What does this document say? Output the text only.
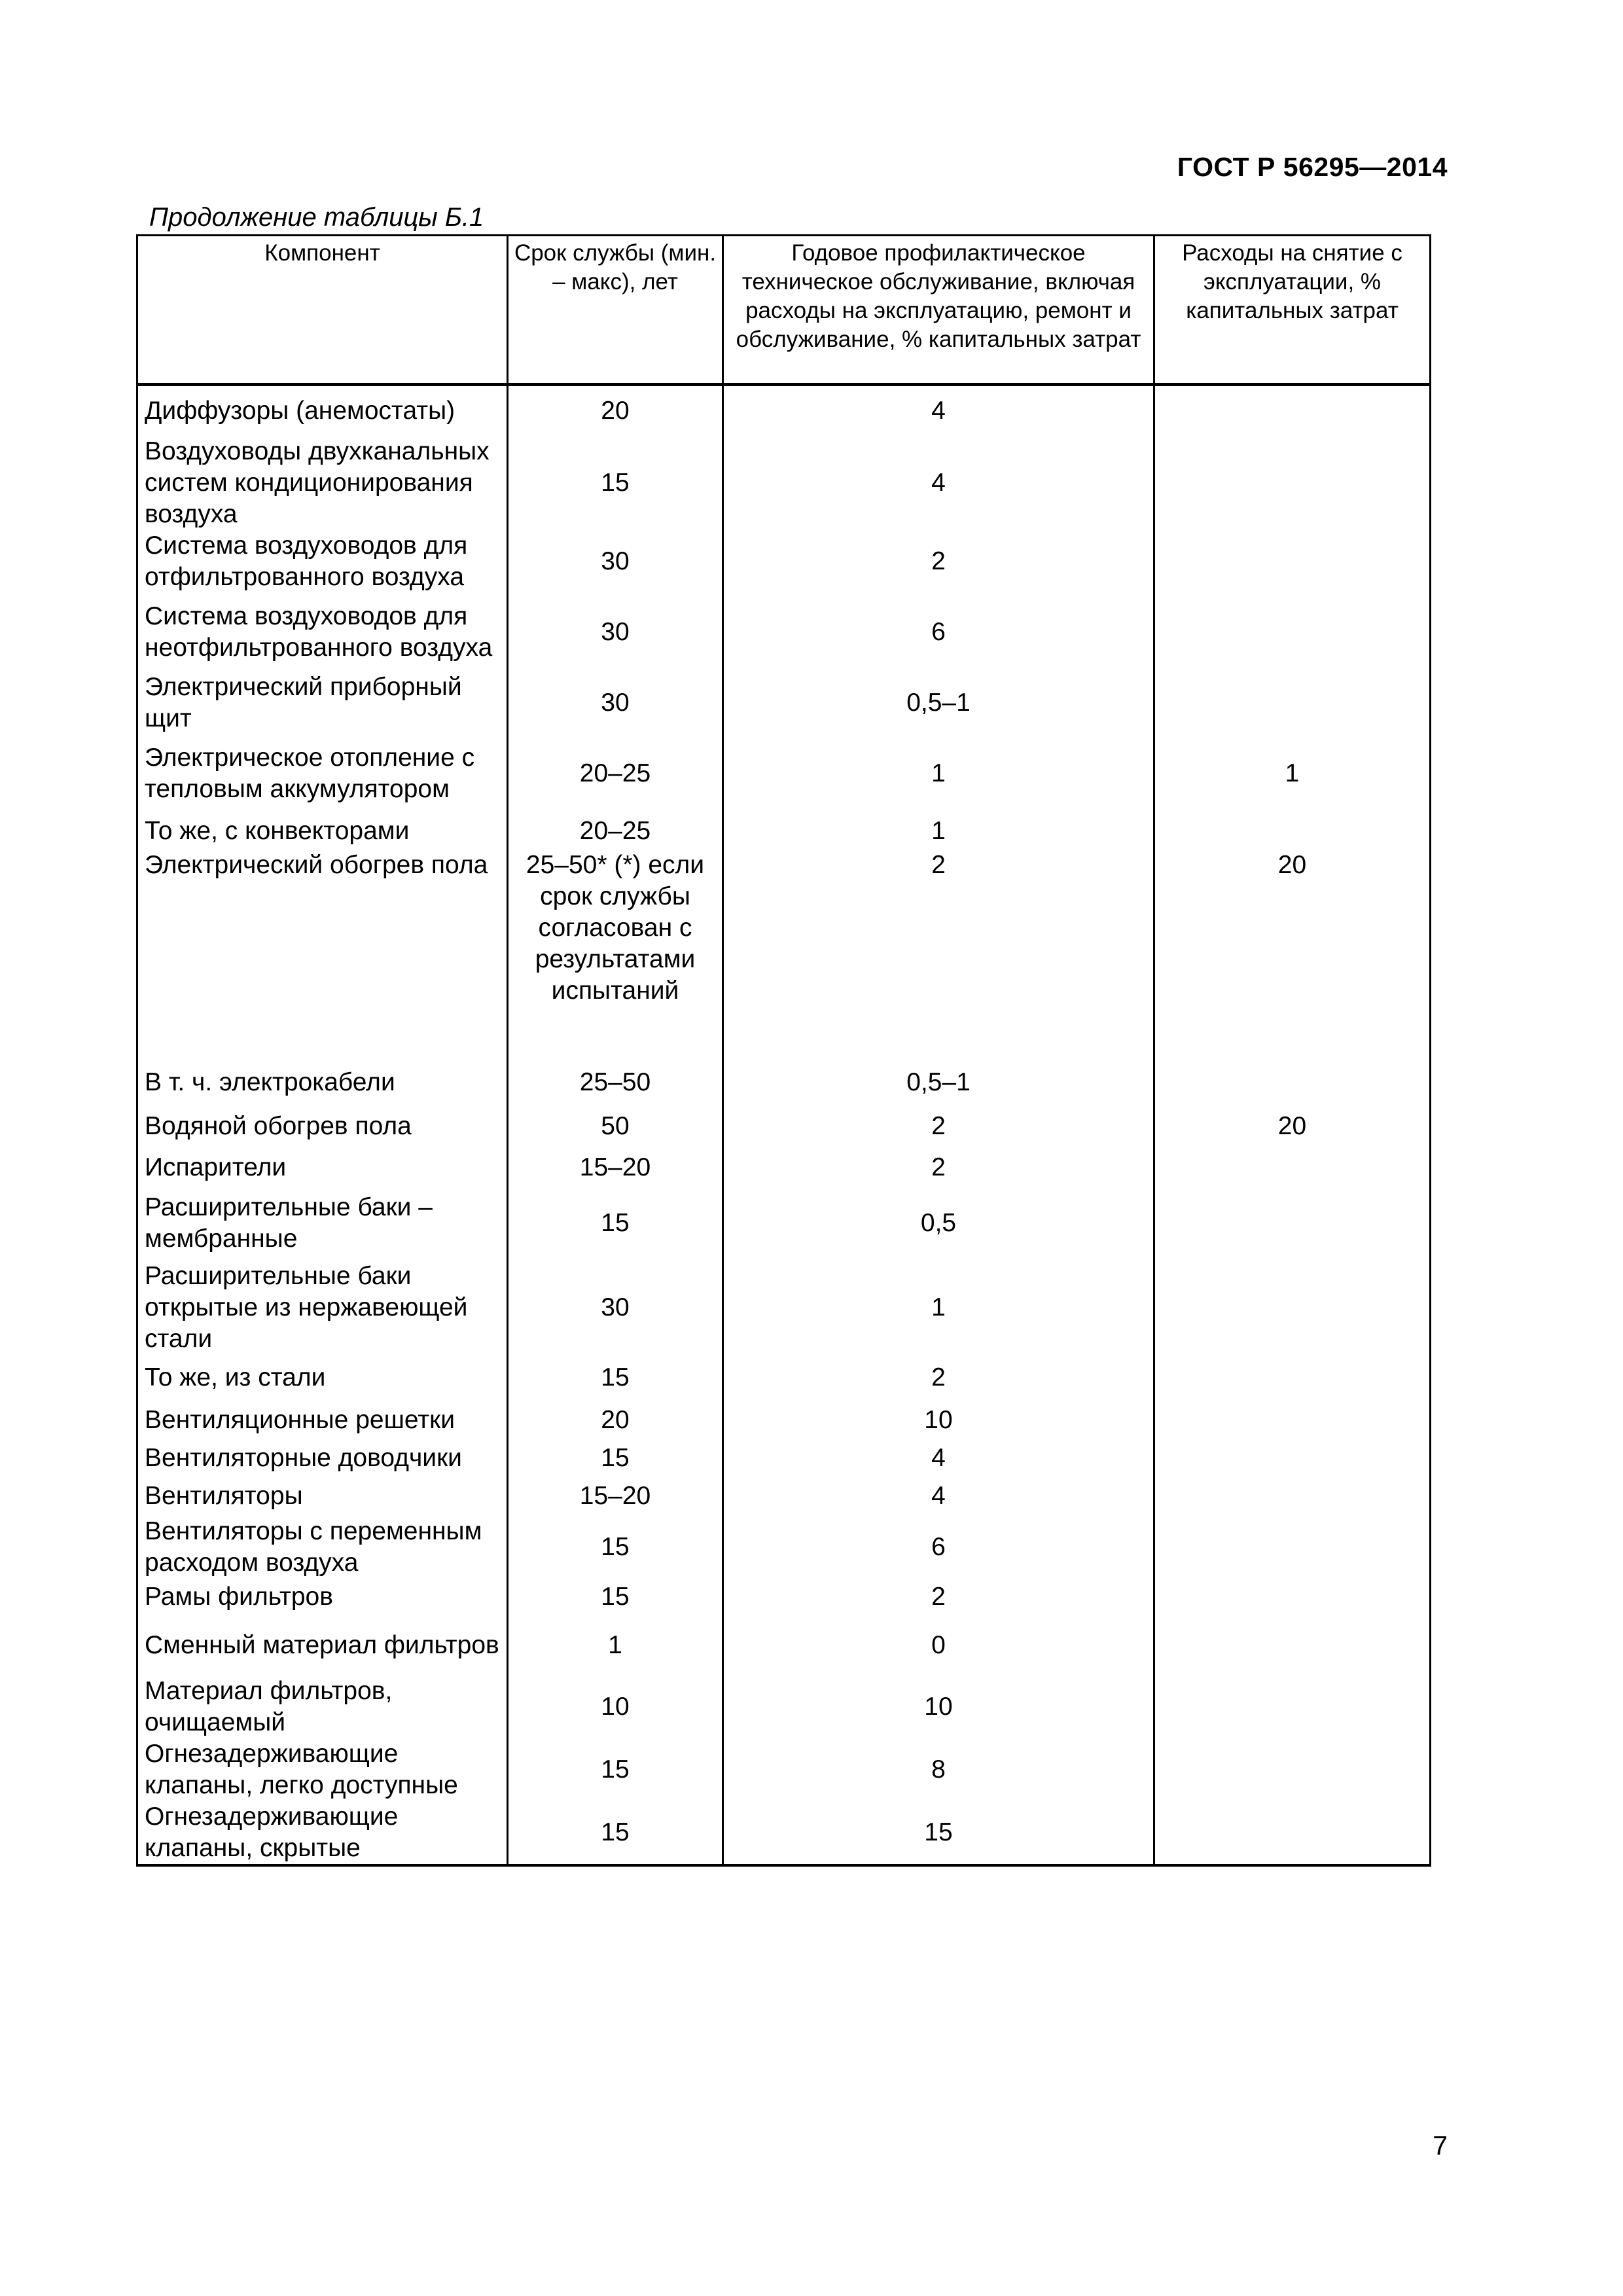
ГОСТ Р 56295—2014
Продолжение таблицы Б.1
Компонент	Срок службы (мин. – макс), лет	Годовое профилактическое техническое обслуживание, включая расходы на эксплуатацию, ремонт и обслуживание, % капитальных затрат	Расходы на снятие с эксплуатации, % капитальных затрат
Диффузоры (анемостаты)	20	4	
Воздуховоды двухканальных систем кондиционирования воздуха	15	4	
Система воздуховодов для отфильтрованного воздуха	30	2	
Система воздуховодов для неотфильтрованного воздуха	30	6	
Электрический приборный щит	30	0,5–1	
Электрическое отопление с тепловым аккумулятором	20–25	1	1
То же, с конвекторами	20–25	1	
Электрический обогрев пола	25–50* (*) если срок службы согласован с результатами испытаний	2	20
В т. ч. электрокабели	25–50	0,5–1	
Водяной обогрев пола	50	2	20
Испарители	15–20	2	
Расширительные баки – мембранные	15	0,5	
Расширительные баки открытые из нержавеющей стали	30	1	
То же, из стали	15	2	
Вентиляционные решетки	20	10	
Вентиляторные доводчики	15	4	
Вентиляторы	15–20	4	
Вентиляторы с переменным расходом воздуха	15	6	
Рамы фильтров	15	2	
Сменный материал фильтров	1	0	
Материал фильтров, очищаемый	10	10	
Огнезадерживающие клапаны, легко доступные	15	8	
Огнезадерживающие клапаны, скрытые	15	15	
7
